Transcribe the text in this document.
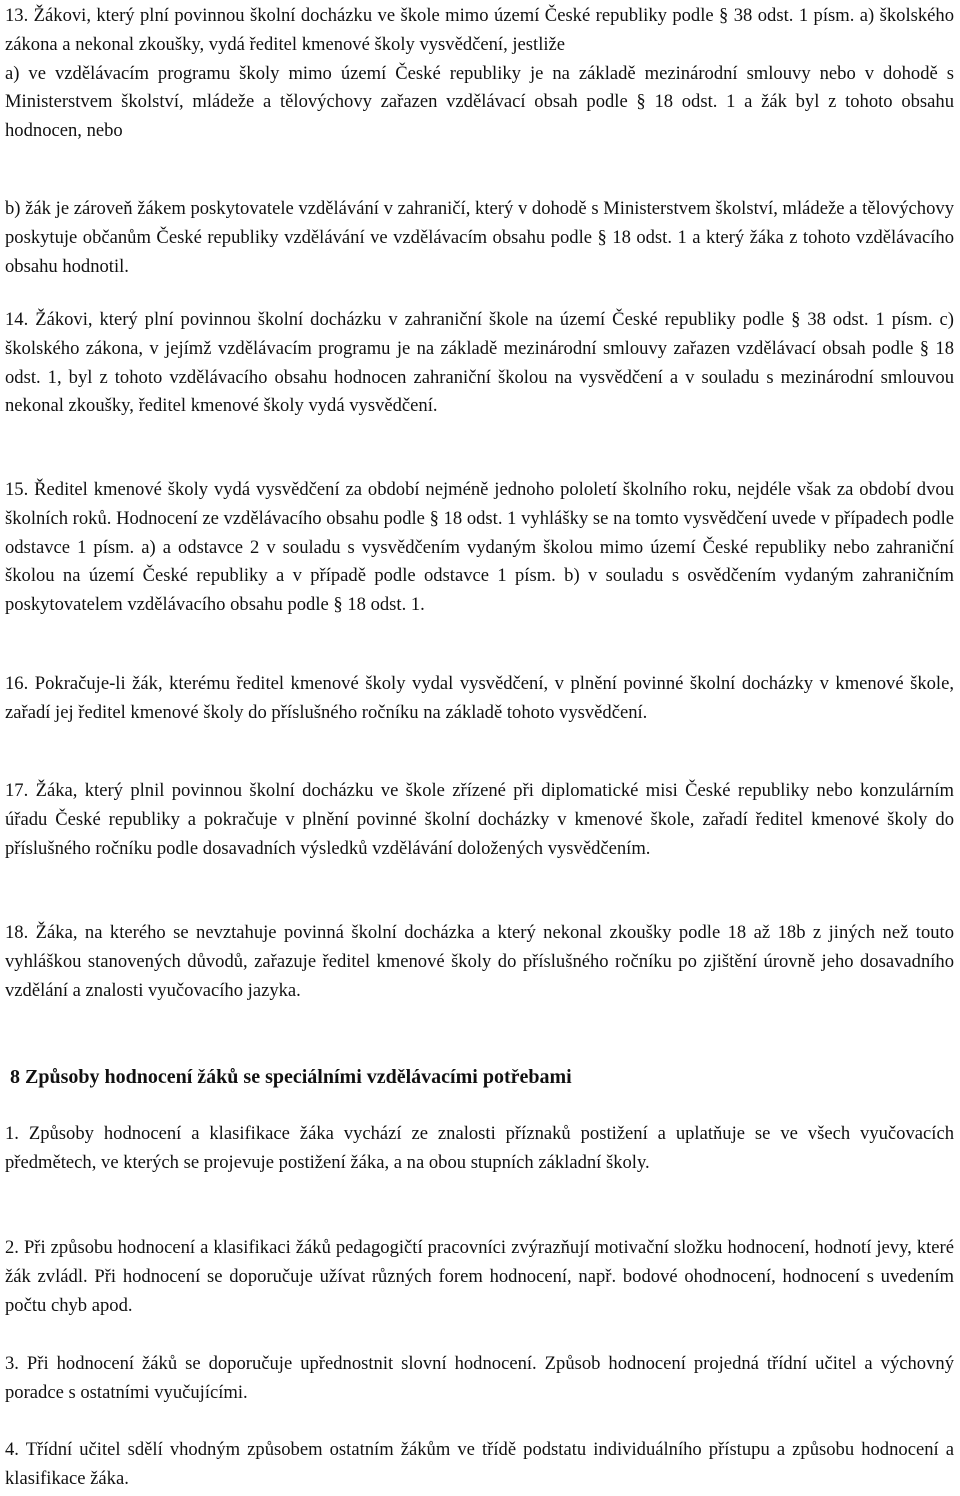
13. Žákovi, který plní povinnou školní docházku ve škole mimo území České republiky podle § 38 odst. 1 písm. a) školského zákona a nekonal zkoušky, vydá ředitel kmenové školy vysvědčení, jestliže
a) ve vzdělávacím programu školy mimo území České republiky je na základě mezinárodní smlouvy nebo v dohodě s Ministerstvem školství, mládeže a tělovýchovy zařazen vzdělávací obsah podle § 18 odst. 1 a žák byl z tohoto obsahu hodnocen, nebo

b) žák je zároveň žákem poskytovatele vzdělávání v zahraničí, který v dohodě s Ministerstvem školství, mládeže a tělovýchovy poskytuje občanům České republiky vzdělávání ve vzdělávacím obsahu podle § 18 odst. 1 a který žáka z tohoto vzdělávacího obsahu hodnotil.

14. Žákovi, který plní povinnou školní docházku v zahraniční škole na území České republiky podle § 38 odst. 1 písm. c) školského zákona, v jejímž vzdělávacím programu je na základě mezinárodní smlouvy zařazen vzdělávací obsah podle § 18 odst. 1, byl z tohoto vzdělávacího obsahu hodnocen zahraniční školou na vysvědčení a v souladu s mezinárodní smlouvou nekonal zkoušky, ředitel kmenové školy vydá vysvědčení.

15. Ředitel kmenové školy vydá vysvědčení za období nejméně jednoho pololetí školního roku, nejdéle však za období dvou školních roků. Hodnocení ze vzdělávacího obsahu podle § 18 odst. 1 vyhlášky se na tomto vysvědčení uvede v případech podle odstavce 1 písm. a) a odstavce 2 v souladu s vysvědčením vydaným školou mimo území České republiky nebo zahraniční školou na území České republiky a v případě podle odstavce 1 písm. b) v souladu s osvědčením vydaným zahraničním poskytovatelem vzdělávacího obsahu podle § 18 odst. 1.

16. Pokračuje-li žák, kterému ředitel kmenové školy vydal vysvědčení, v plnění povinné školní docházky v kmenové škole, zařadí jej ředitel kmenové školy do příslušného ročníku na základě tohoto vysvědčení.

17. Žáka, který plnil povinnou školní docházku ve škole zřízené při diplomatické misi České republiky nebo konzulárním úřadu České republiky a pokračuje v plnění povinné školní docházky v kmenové škole, zařadí ředitel kmenové školy do příslušného ročníku podle dosavadních výsledků vzdělávání doložených vysvědčením.

18. Žáka, na kterého se nevztahuje povinná školní docházka a který nekonal zkoušky podle 18 až 18b z jiných než touto vyhláškou stanovených důvodů, zařazuje ředitel kmenové školy do příslušného ročníku po zjištění úrovně jeho dosavadního vzdělání a znalosti vyučovacího jazyka.

8 Způsoby hodnocení žáků se speciálními vzdělávacími potřebami

1. Způsoby hodnocení a klasifikace žáka vychází ze znalosti příznaků postižení a uplatňuje se ve všech vyučovacích předmětech, ve kterých se projevuje postižení žáka, a na obou stupních základní školy.

2. Při způsobu hodnocení a klasifikaci žáků pedagogičtí pracovníci zvýrazňují motivační složku hodnocení, hodnotí jevy, které žák zvládl. Při hodnocení se doporučuje užívat různých forem hodnocení, např. bodové ohodnocení, hodnocení s uvedením počtu chyb apod.

3. Při hodnocení žáků se doporučuje upřednostnit slovní hodnocení. Způsob hodnocení projedná třídní učitel a výchovný poradce s ostatními vyučujícími.

4. Třídní učitel sdělí vhodným způsobem ostatním žákům ve třídě podstatu individuálního přístupu a způsobu hodnocení a klasifikace žáka.
